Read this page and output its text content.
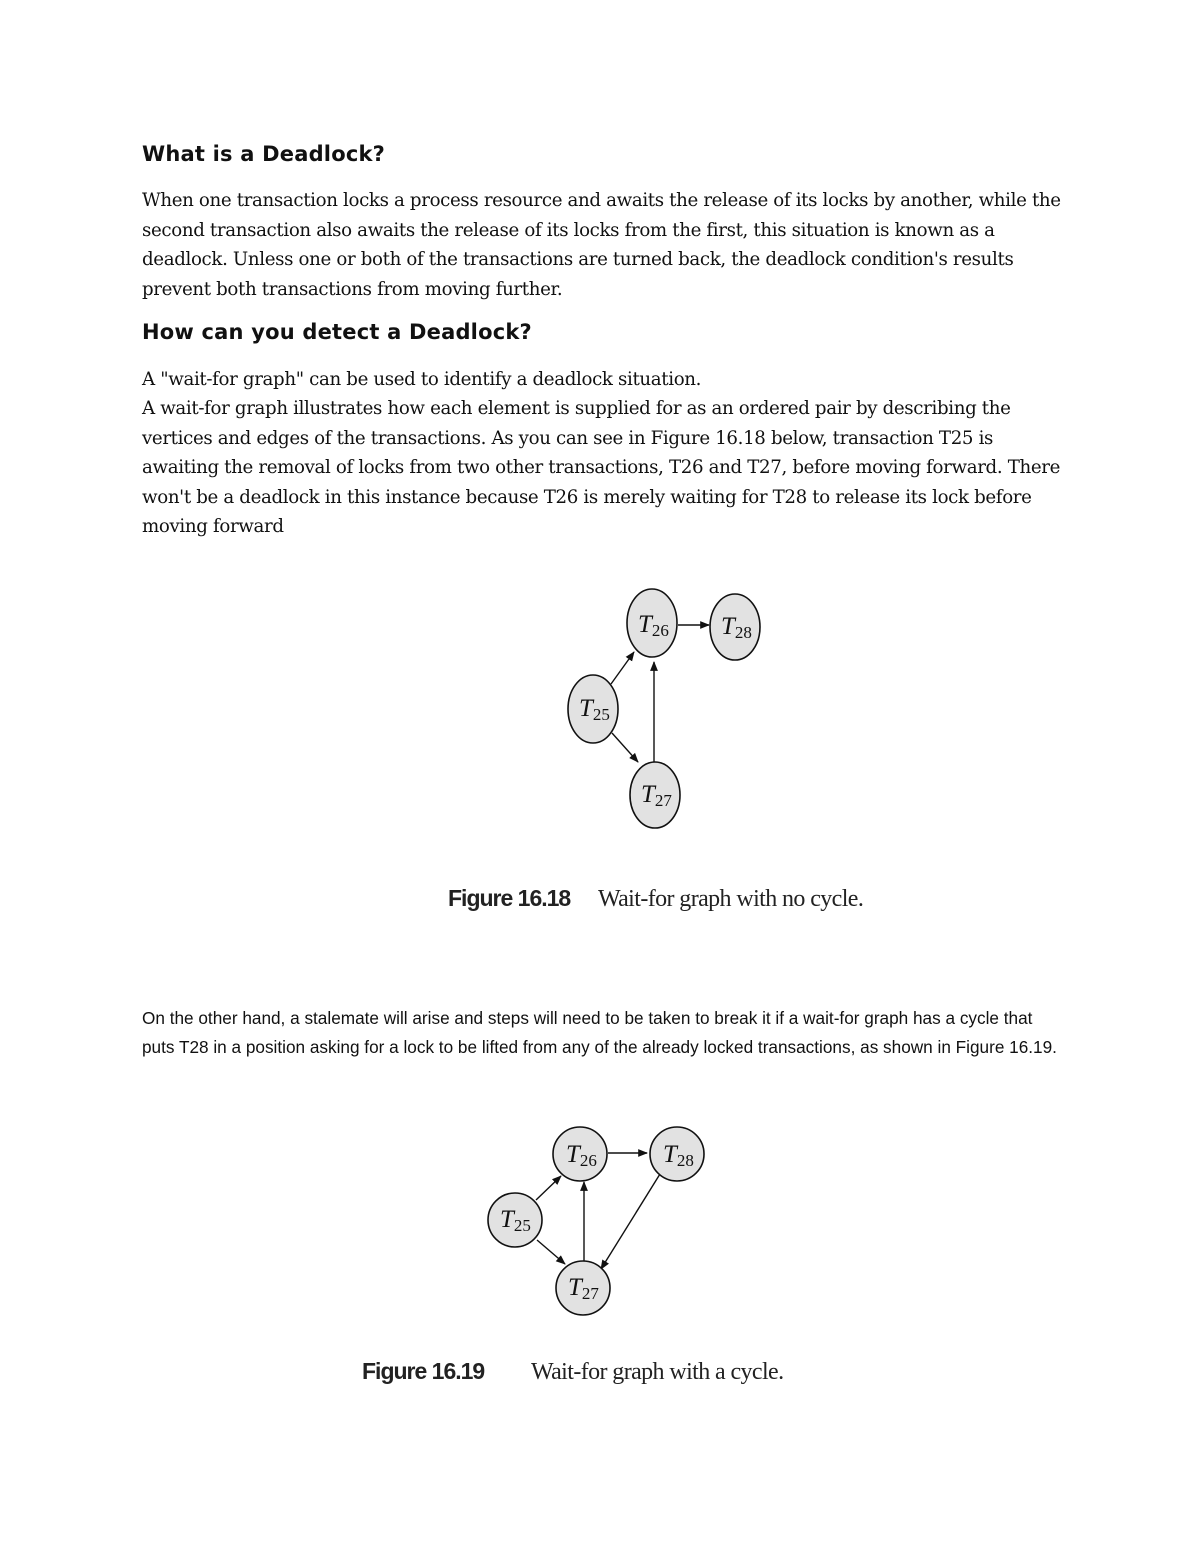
What is a Deadlock?

When one transaction locks a process resource and awaits the release of its locks by another, while the second transaction also awaits the release of its locks from the first, this situation is known as a deadlock. Unless one or both of the transactions are turned back, the deadlock condition's results prevent both transactions from moving further.

How can you detect a Deadlock?

A "wait-for graph" can be used to identify a deadlock situation.

A wait-for graph illustrates how each element is supplied for as an ordered pair by describing the vertices and edges of the transactions. As you can see in Figure 16.18 below, transaction T25 is awaiting the removal of locks from two other transactions, T26 and T27, before moving forward. There won't be a deadlock in this instance because T26 is merely waiting for T28 to release its lock before moving forward

T26 T28
T25
T27
Figure 16.18 Wait-for graph with no cycle.

On the other hand, a stalemate will arise and steps will need to be taken to break it if a wait-for graph has a cycle that puts T28 in a position asking for a lock to be lifted from any of the already locked transactions, as shown in Figure 16.19.

T26	T28
T25
T27
Figure 16.19 Wait-for graph with a cycle.
